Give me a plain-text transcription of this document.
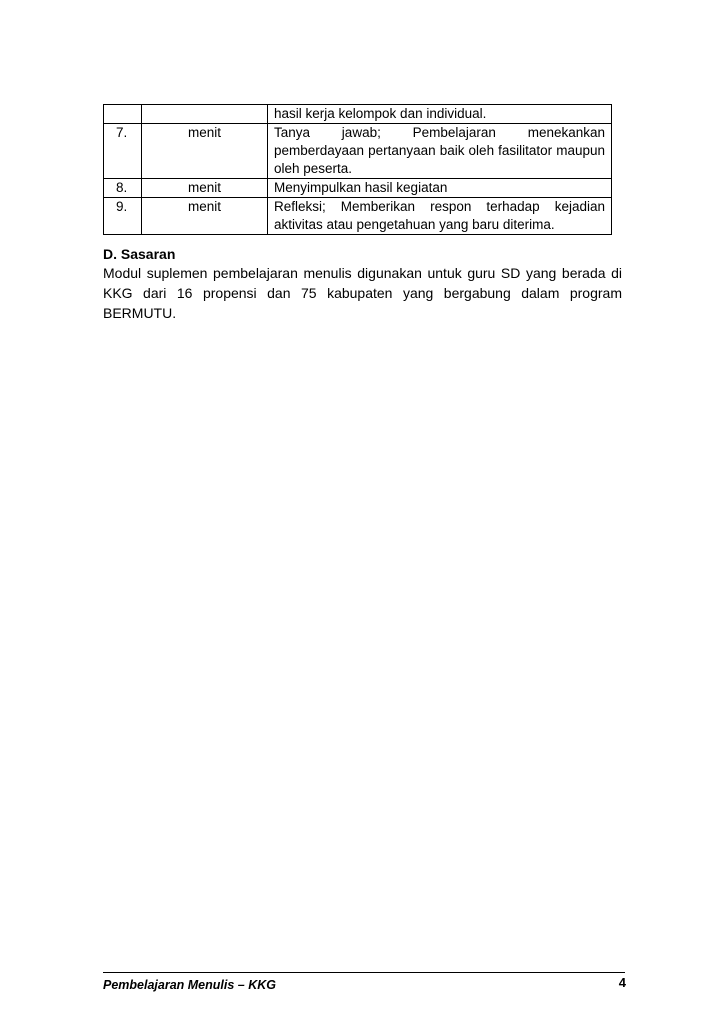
		hasil kerja kelompok dan individual.
7.	menit	Tanya jawab; Pembelajaran menekankan pemberdayaan pertanyaan baik oleh fasilitator maupun oleh peserta.
8.	menit	Menyimpulkan hasil kegiatan
9.	menit	Refleksi; Memberikan respon terhadap kejadian aktivitas atau pengetahuan yang baru diterima.
D. Sasaran

Modul suplemen pembelajaran menulis digunakan untuk guru SD yang berada di KKG dari 16 propensi dan 75 kabupaten yang bergabung dalam program BERMUTU.

Pembelajaran Menulis – KKG	4
